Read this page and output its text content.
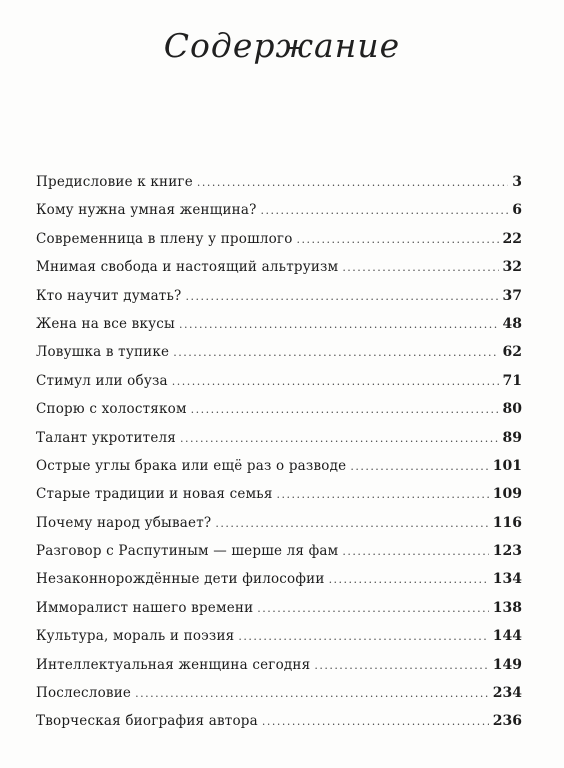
Содержание
Предисловие к книге .....	3
Кому нужна умная женщина? .....	6
Современница в плену у прошлого .....	22
Мнимая свобода и настоящий альтруизм .....	32
Кто научит думать? .....	37
Жена на все вкусы .....	48
Ловушка в тупике .....	62
Стимул или обуза .....	71
Спорю с холостяком .....	80
Талант укротителя .....	89
Острые углы брака или ещё раз о разводе .....	101
Старые традиции и новая семья .....	109
Почему народ убывает? .....	116
Разговор с Распутиным — шерше ля фам .....	123
Незаконнорождённые дети философии .....	134
Имморалист нашего времени .....	138
Культура, мораль и поэзия .....	144
Интеллектуальная женщина сегодня .....	149
Послесловие .....	234
Творческая биография автора .....	236
